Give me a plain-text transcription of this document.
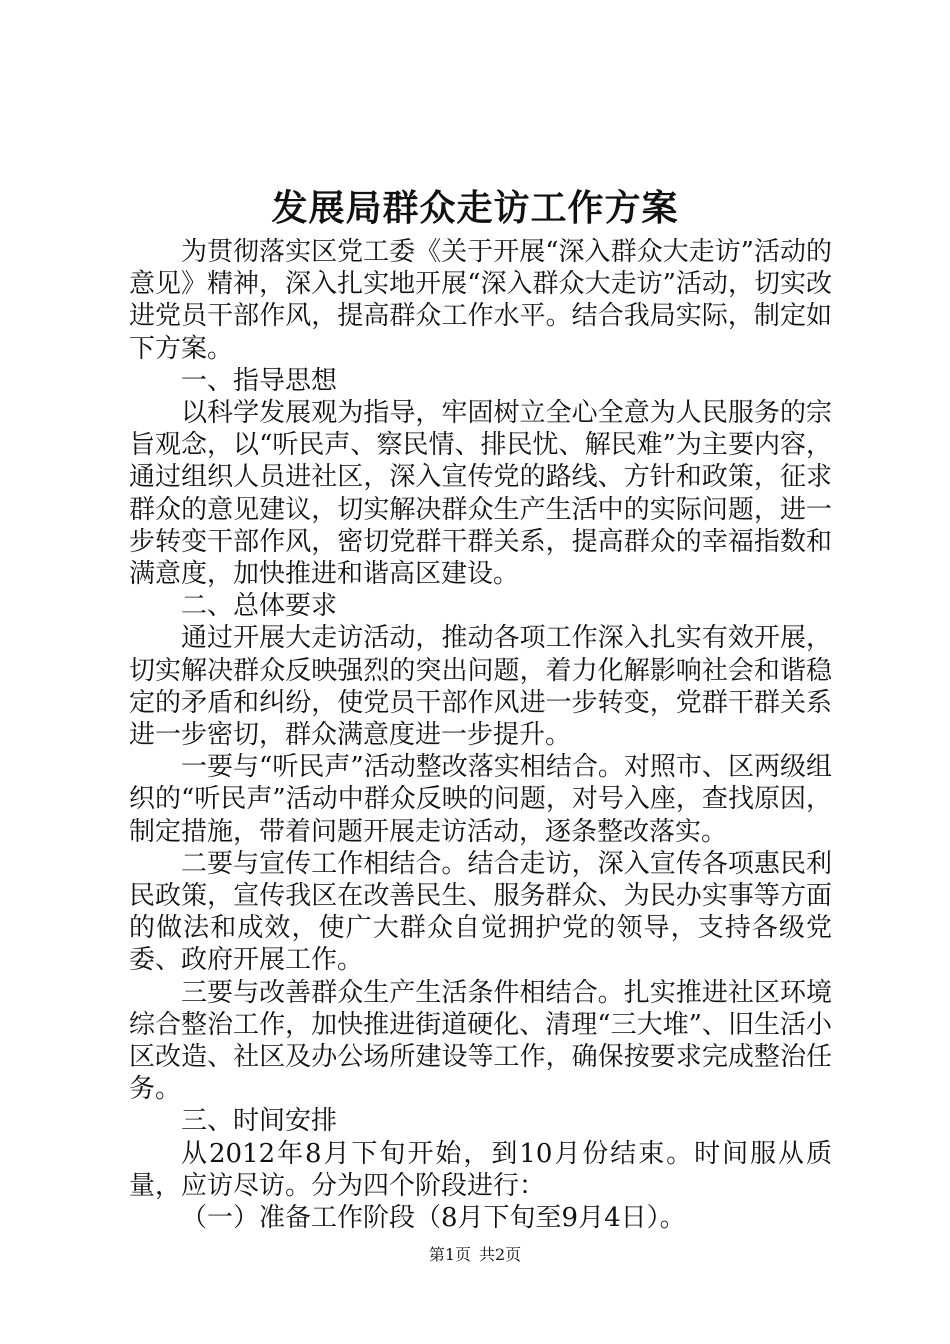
发展局群众走访工作方案

为贯彻落实区党工委《关于开展“深入群众大走访”活动的意见》精神，深入扎实地开展“深入群众大走访”活动，切实改进党员干部作风，提高群众工作水平。结合我局实际，制定如下方案。

一、指导思想

以科学发展观为指导，牢固树立全心全意为人民服务的宗旨观念，以“听民声、察民情、排民忧、解民难”为主要内容，通过组织人员进社区，深入宣传党的路线、方针和政策，征求群众的意见建议，切实解决群众生产生活中的实际问题，进一步转变干部作风，密切党群干群关系，提高群众的幸福指数和满意度，加快推进和谐高区建设。

二、总体要求

通过开展大走访活动，推动各项工作深入扎实有效开展，切实解决群众反映强烈的突出问题，着力化解影响社会和谐稳定的矛盾和纠纷，使党员干部作风进一步转变，党群干群关系进一步密切，群众满意度进一步提升。

一要与“听民声”活动整改落实相结合。对照市、区两级组织的“听民声”活动中群众反映的问题，对号入座，查找原因，制定措施，带着问题开展走访活动，逐条整改落实。

二要与宣传工作相结合。结合走访，深入宣传各项惠民利民政策，宣传我区在改善民生、服务群众、为民办实事等方面的做法和成效，使广大群众自觉拥护党的领导，支持各级党委、政府开展工作。

三要与改善群众生产生活条件相结合。扎实推进社区环境综合整治工作，加快推进街道硬化、清理“三大堆”、旧生活小区改造、社区及办公场所建设等工作，确保按要求完成整治任务。

三、时间安排

从2012年8月下旬开始，到10月份结束。时间服从质量，应访尽访。分为四个阶段进行：

（一）准备工作阶段（8月下旬至9月4日）。

第1页 共2页
